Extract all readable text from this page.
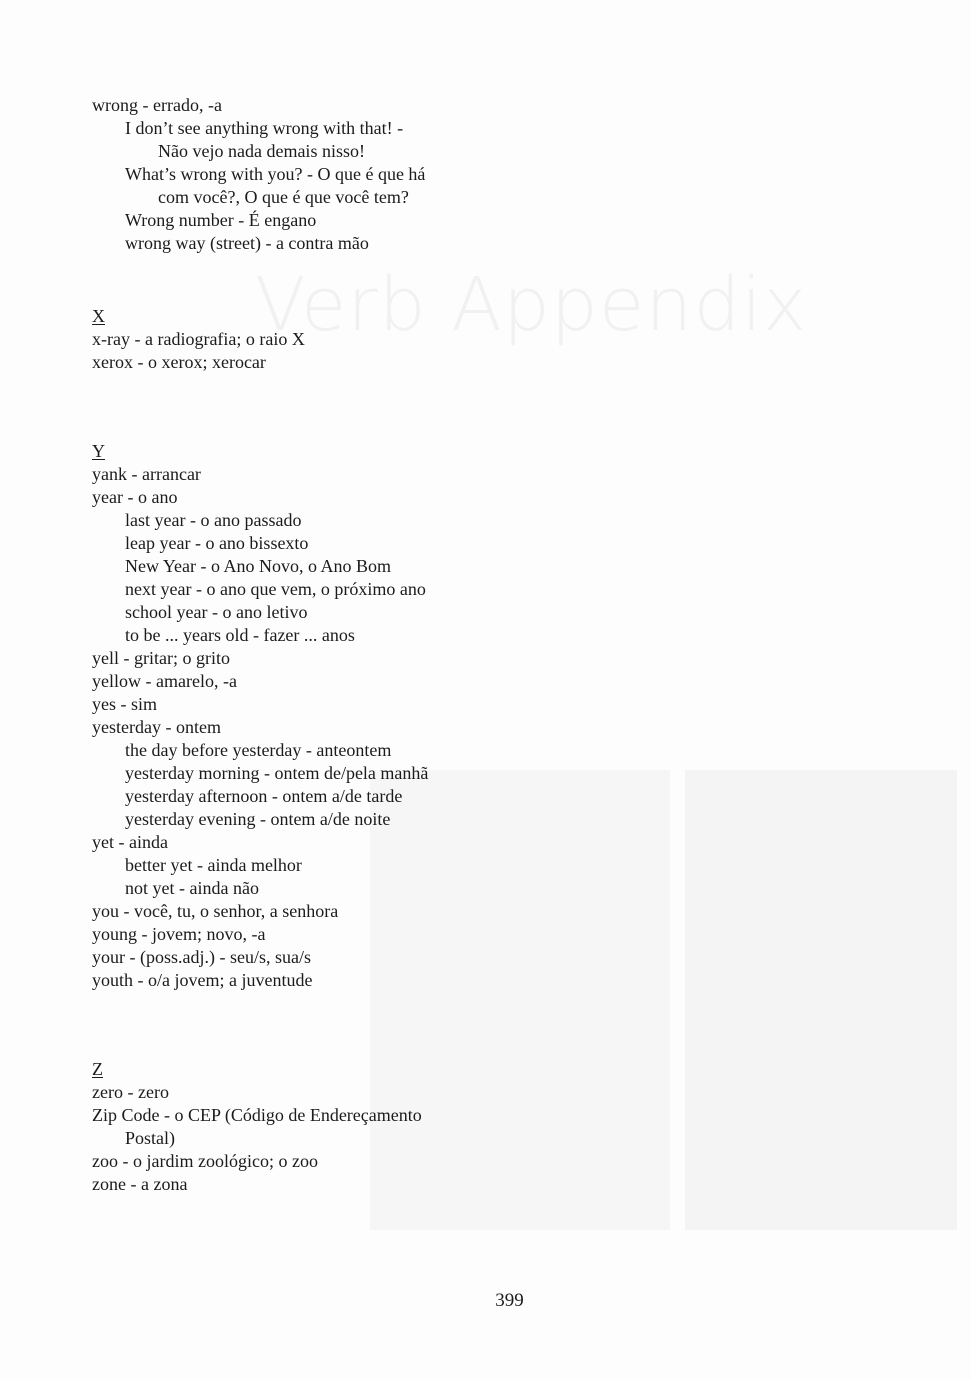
Verb Appendix
wrong - errado, -a
I don’t see anything wrong with that! -
Não vejo nada demais nisso!
What’s wrong with you? - O que é que há
com você?, O que é que você tem?
Wrong number - É engano
wrong way (street) - a contra mão
X
x-ray - a radiografia; o raio X
xerox - o xerox; xerocar
Y
yank - arrancar
year - o ano
last year - o ano passado
leap year - o ano bissexto
New Year - o Ano Novo, o Ano Bom
next year - o ano que vem, o próximo ano
school year - o ano letivo
to be ... years old - fazer ... anos
yell - gritar; o grito
yellow - amarelo, -a
yes - sim
yesterday - ontem
the day before yesterday - anteontem
yesterday morning - ontem de/pela manhã
yesterday afternoon - ontem a/de tarde
yesterday evening - ontem a/de noite
yet - ainda
better yet - ainda melhor
not yet - ainda não
you - você, tu, o senhor, a senhora
young - jovem; novo, -a
your - (poss.adj.) - seu/s, sua/s
youth - o/a jovem; a juventude
Z
zero - zero
Zip Code - o CEP (Código de Endereçamento
Postal)
zoo - o jardim zoológico; o zoo
zone - a zona
399
